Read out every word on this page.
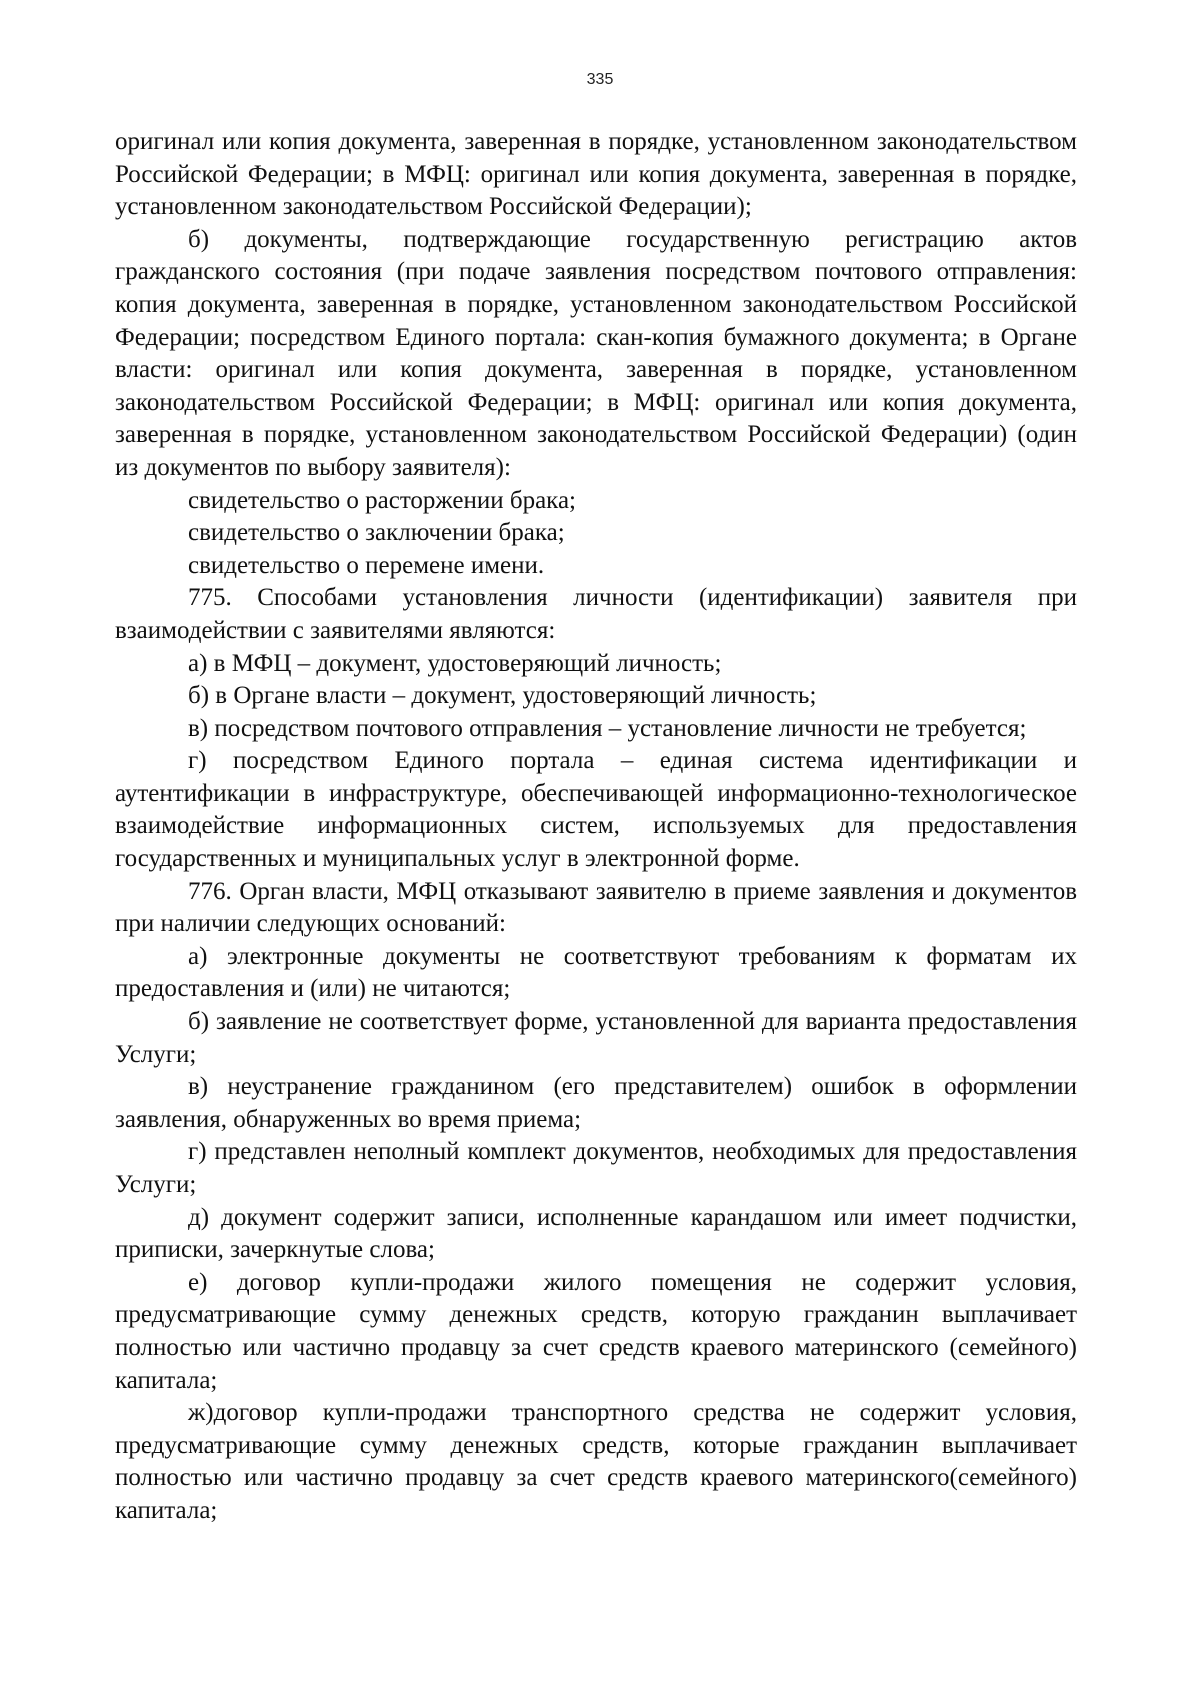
335

оригинал или копия документа, заверенная в порядке, установленном законодательством Российской Федерации; в МФЦ: оригинал или копия документа, заверенная в порядке, установленном законодательством Российской Федерации);

б) документы, подтверждающие государственную регистрацию актов гражданского состояния (при подаче заявления посредством почтового отправления: копия документа, заверенная в порядке, установленном законодательством Российской Федерации; посредством Единого портала: скан-копия бумажного документа; в Органе власти: оригинал или копия документа, заверенная в порядке, установленном законодательством Российской Федерации; в МФЦ: оригинал или копия документа, заверенная в порядке, установленном законодательством Российской Федерации) (один из документов по выбору заявителя):

свидетельство о расторжении брака;

свидетельство о заключении брака;

свидетельство о перемене имени.

775. Способами установления личности (идентификации) заявителя при взаимодействии с заявителями являются:

а) в МФЦ – документ, удостоверяющий личность;

б) в Органе власти – документ, удостоверяющий личность;

в) посредством почтового отправления – установление личности не требуется;

г) посредством Единого портала – единая система идентификации и аутентификации в инфраструктуре, обеспечивающей информационно-технологическое взаимодействие информационных систем, используемых для предоставления государственных и муниципальных услуг в электронной форме.

776. Орган власти, МФЦ отказывают заявителю в приеме заявления и документов при наличии следующих оснований:

а) электронные документы не соответствуют требованиям к форматам их предоставления и (или) не читаются;

б) заявление не соответствует форме, установленной для варианта предоставления Услуги;

в) неустранение гражданином (его представителем) ошибок в оформлении заявления, обнаруженных во время приема;

г) представлен неполный комплект документов, необходимых для предоставления Услуги;

д) документ содержит записи, исполненные карандашом или имеет подчистки, приписки, зачеркнутые слова;

е) договор купли-продажи жилого помещения не содержит условия, предусматривающие сумму денежных средств, которую гражданин выплачивает полностью или частично продавцу за счет средств краевого материнского (семейного) капитала;

ж)договор купли-продажи транспортного средства не содержит условия, предусматривающие сумму денежных средств, которые гражданин выплачивает полностью или частично продавцу за счет средств краевого материнского(семейного) капитала;
